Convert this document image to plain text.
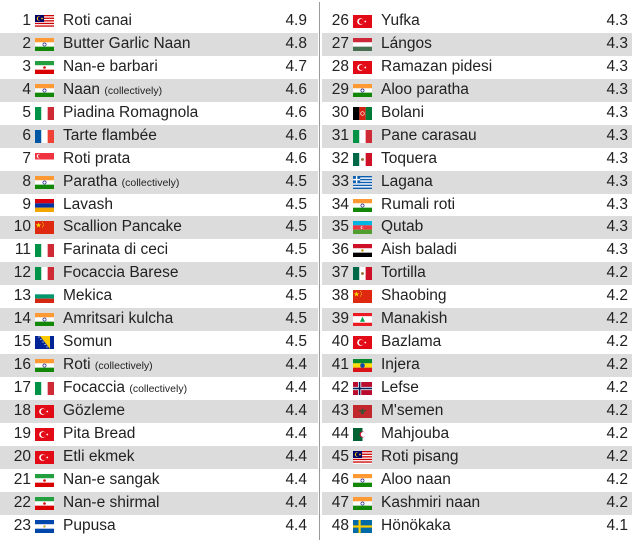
1 Roti canai	4.9
2 Butter Garlic Naan	4.8
3 Nan-e barbari	4.7
4 Naan (collectively)	4.6
5 Piadina Romagnola	4.6
6 Tarte flambée	4.6
7 Roti prata	4.6
8 Paratha (collectively)	4.5
9 Lavash	4.5
10 Scallion Pancake	4.5
11 Farinata di ceci	4.5
12 Focaccia Barese	4.5
13 Mekica	4.5
14 Amritsari kulcha	4.5
15 Somun	4.5
16 Roti (collectively)	4.4
17 Focaccia (collectively)	4.4
18 Gözleme	4.4
19 Pita Bread	4.4
20 Etli ekmek	4.4
21 Nan-e sangak	4.4
22 Nan-e shirmal	4.4
23 Pupusa	4.4
26 Yufka	4.3
27 Lángos	4.3
28 Ramazan pidesi	4.3
29 Aloo paratha	4.3
30 Bolani	4.3
31 Pane carasau	4.3
32 Toquera	4.3
33 Lagana	4.3
34 Rumali roti	4.3
35 Qutab	4.3
36 Aish baladi	4.3
37 Tortilla	4.2
38 Shaobing	4.2
39 Manakish	4.2
40 Bazlama	4.2
41 Injera	4.2
42 Lefse	4.2
43 M'semen	4.2
44 Mahjouba	4.2
45 Roti pisang	4.2
46 Aloo naan	4.2
47 Kashmiri naan	4.2
48 Hönökaka	4.1
